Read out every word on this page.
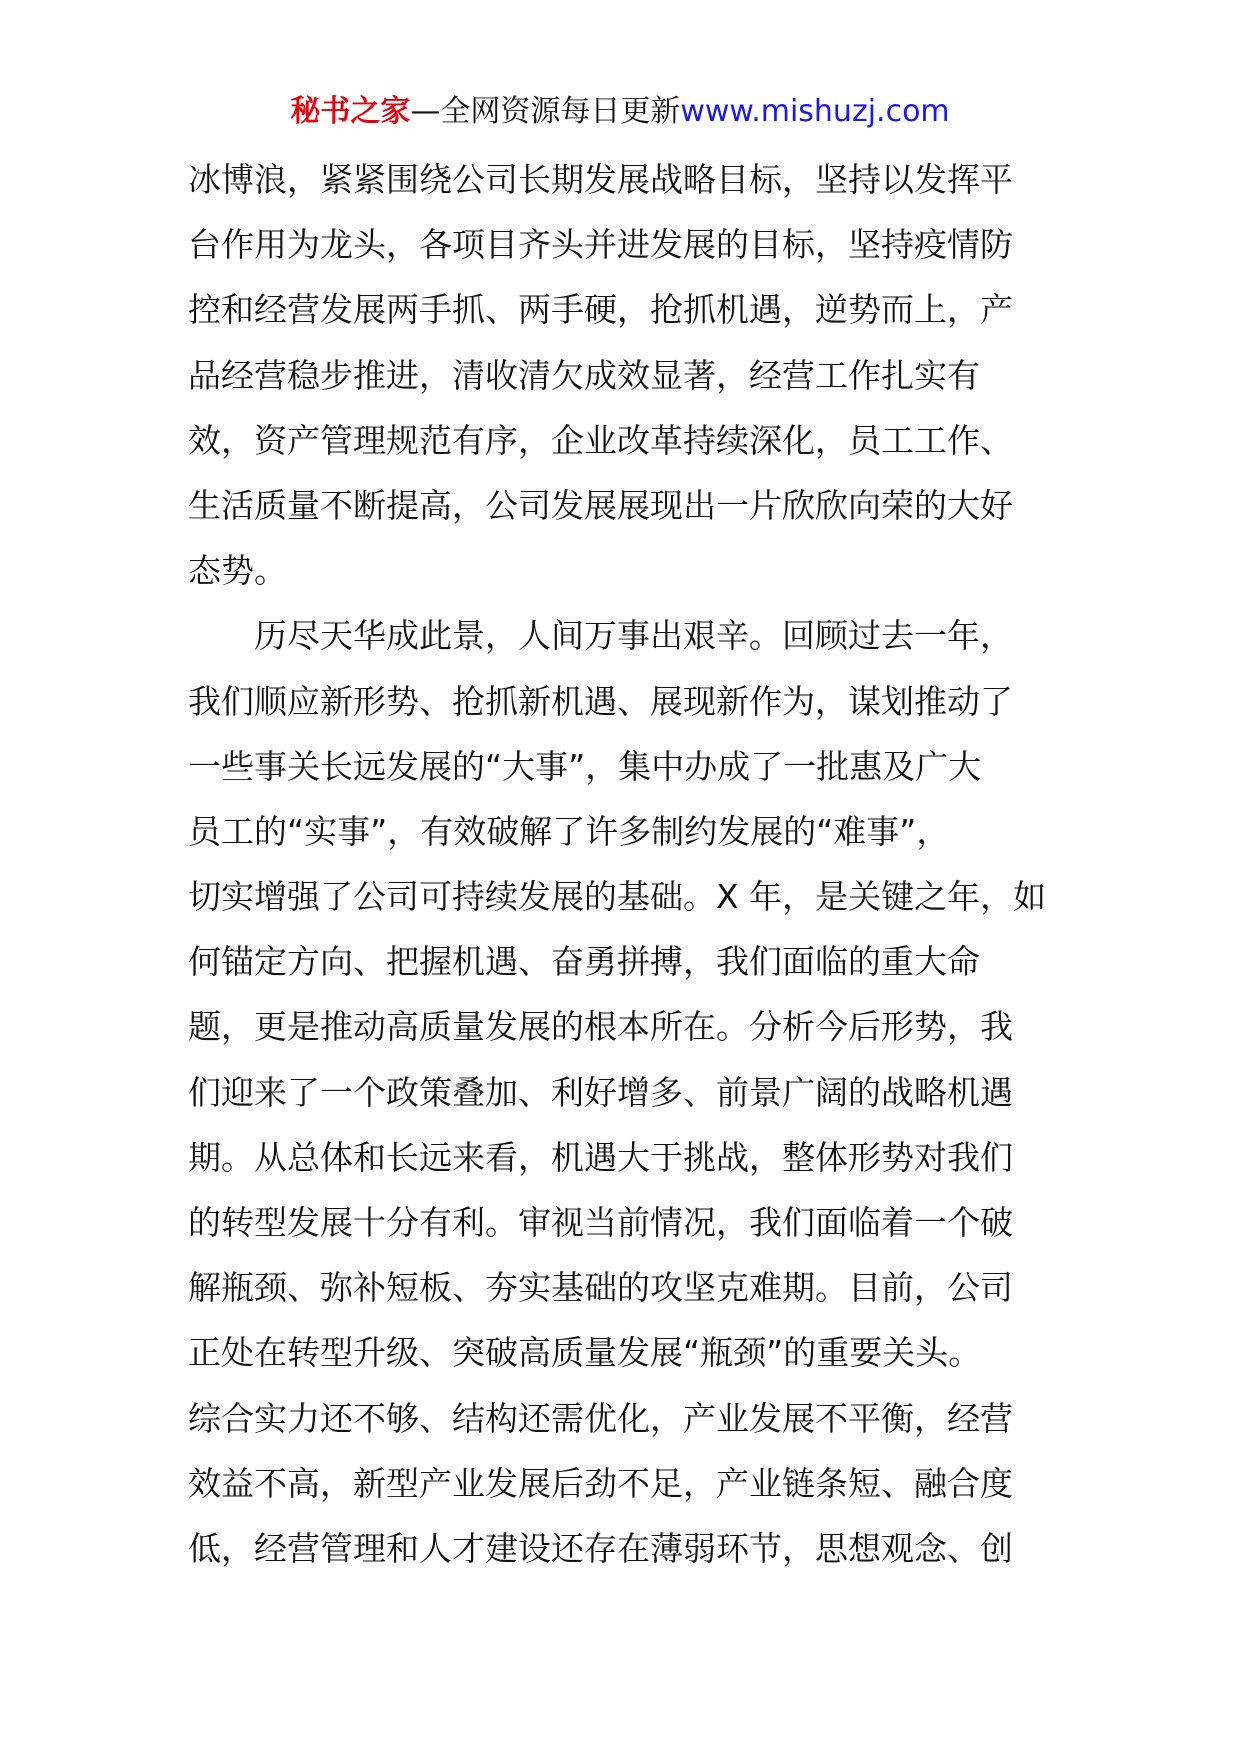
秘书之家—全网资源每日更新www.mishuzj.com
冰博浪，紧紧围绕公司长期发展战略目标，坚持以发挥平
台作用为龙头，各项目齐头并进发展的目标，坚持疫情防
控和经营发展两手抓、两手硬，抢抓机遇，逆势而上，产
品经营稳步推进，清收清欠成效显著，经营工作扎实有
效，资产管理规范有序，企业改革持续深化，员工工作、
生活质量不断提高，公司发展展现出一片欣欣向荣的大好
态势。
　　历尽天华成此景，人间万事出艰辛。回顾过去一年，
我们顺应新形势、抢抓新机遇、展现新作为，谋划推动了
一些事关长远发展的“大事”，集中办成了一批惠及广大
员工的“实事”，有效破解了许多制约发展的“难事”，
切实增强了公司可持续发展的基础。X 年，是关键之年，如
何锚定方向、把握机遇、奋勇拼搏，我们面临的重大命
题，更是推动高质量发展的根本所在。分析今后形势，我
们迎来了一个政策叠加、利好增多、前景广阔的战略机遇
期。从总体和长远来看，机遇大于挑战，整体形势对我们
的转型发展十分有利。审视当前情况，我们面临着一个破
解瓶颈、弥补短板、夯实基础的攻坚克难期。目前，公司
正处在转型升级、突破高质量发展“瓶颈”的重要关头。
综合实力还不够、结构还需优化，产业发展不平衡，经营
效益不高，新型产业发展后劲不足，产业链条短、融合度
低，经营管理和人才建设还存在薄弱环节，思想观念、创
